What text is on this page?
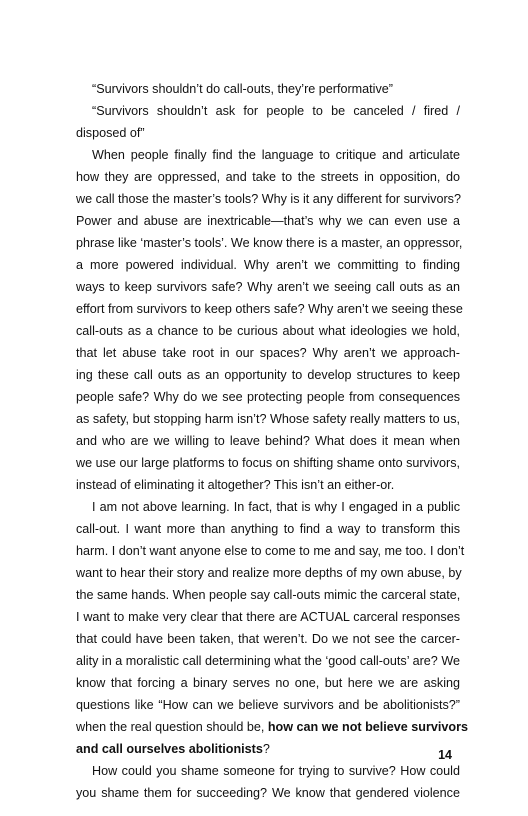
“Survivors shouldn’t do call-outs, they’re performative”
“Survivors shouldn’t ask for people to be canceled / fired /
disposed of”
When people finally find the language to critique and articulate
how they are oppressed, and take to the streets in opposition, do
we call those the master’s tools? Why is it any different for survivors?
Power and abuse are inextricable—that’s why we can even use a
phrase like ‘master’s tools’. We know there is a master, an oppressor,
a more powered individual. Why aren’t we committing to finding
ways to keep survivors safe? Why aren’t we seeing call outs as an
effort from survivors to keep others safe? Why aren’t we seeing these
call-outs as a chance to be curious about what ideologies we hold,
that let abuse take root in our spaces? Why aren’t we approach-
ing these call outs as an opportunity to develop structures to keep
people safe? Why do we see protecting people from consequences
as safety, but stopping harm isn’t? Whose safety really matters to us,
and who are we willing to leave behind? What does it mean when
we use our large platforms to focus on shifting shame onto survivors,
instead of eliminating it altogether? This isn’t an either-or.
I am not above learning. In fact, that is why I engaged in a public
call-out. I want more than anything to find a way to transform this
harm. I don’t want anyone else to come to me and say, me too. I don’t
want to hear their story and realize more depths of my own abuse, by
the same hands. When people say call-outs mimic the carceral state,
I want to make very clear that there are ACTUAL carceral responses
that could have been taken, that weren’t. Do we not see the carcer-
ality in a moralistic call determining what the ‘good call-outs’ are? We
know that forcing a binary serves no one, but here we are asking
questions like “How can we believe survivors and be abolitionists?”
when the real question should be, how can we not believe survivors
and call ourselves abolitionists?
How could you shame someone for trying to survive? How could
you shame them for succeeding? We know that gendered violence
14
